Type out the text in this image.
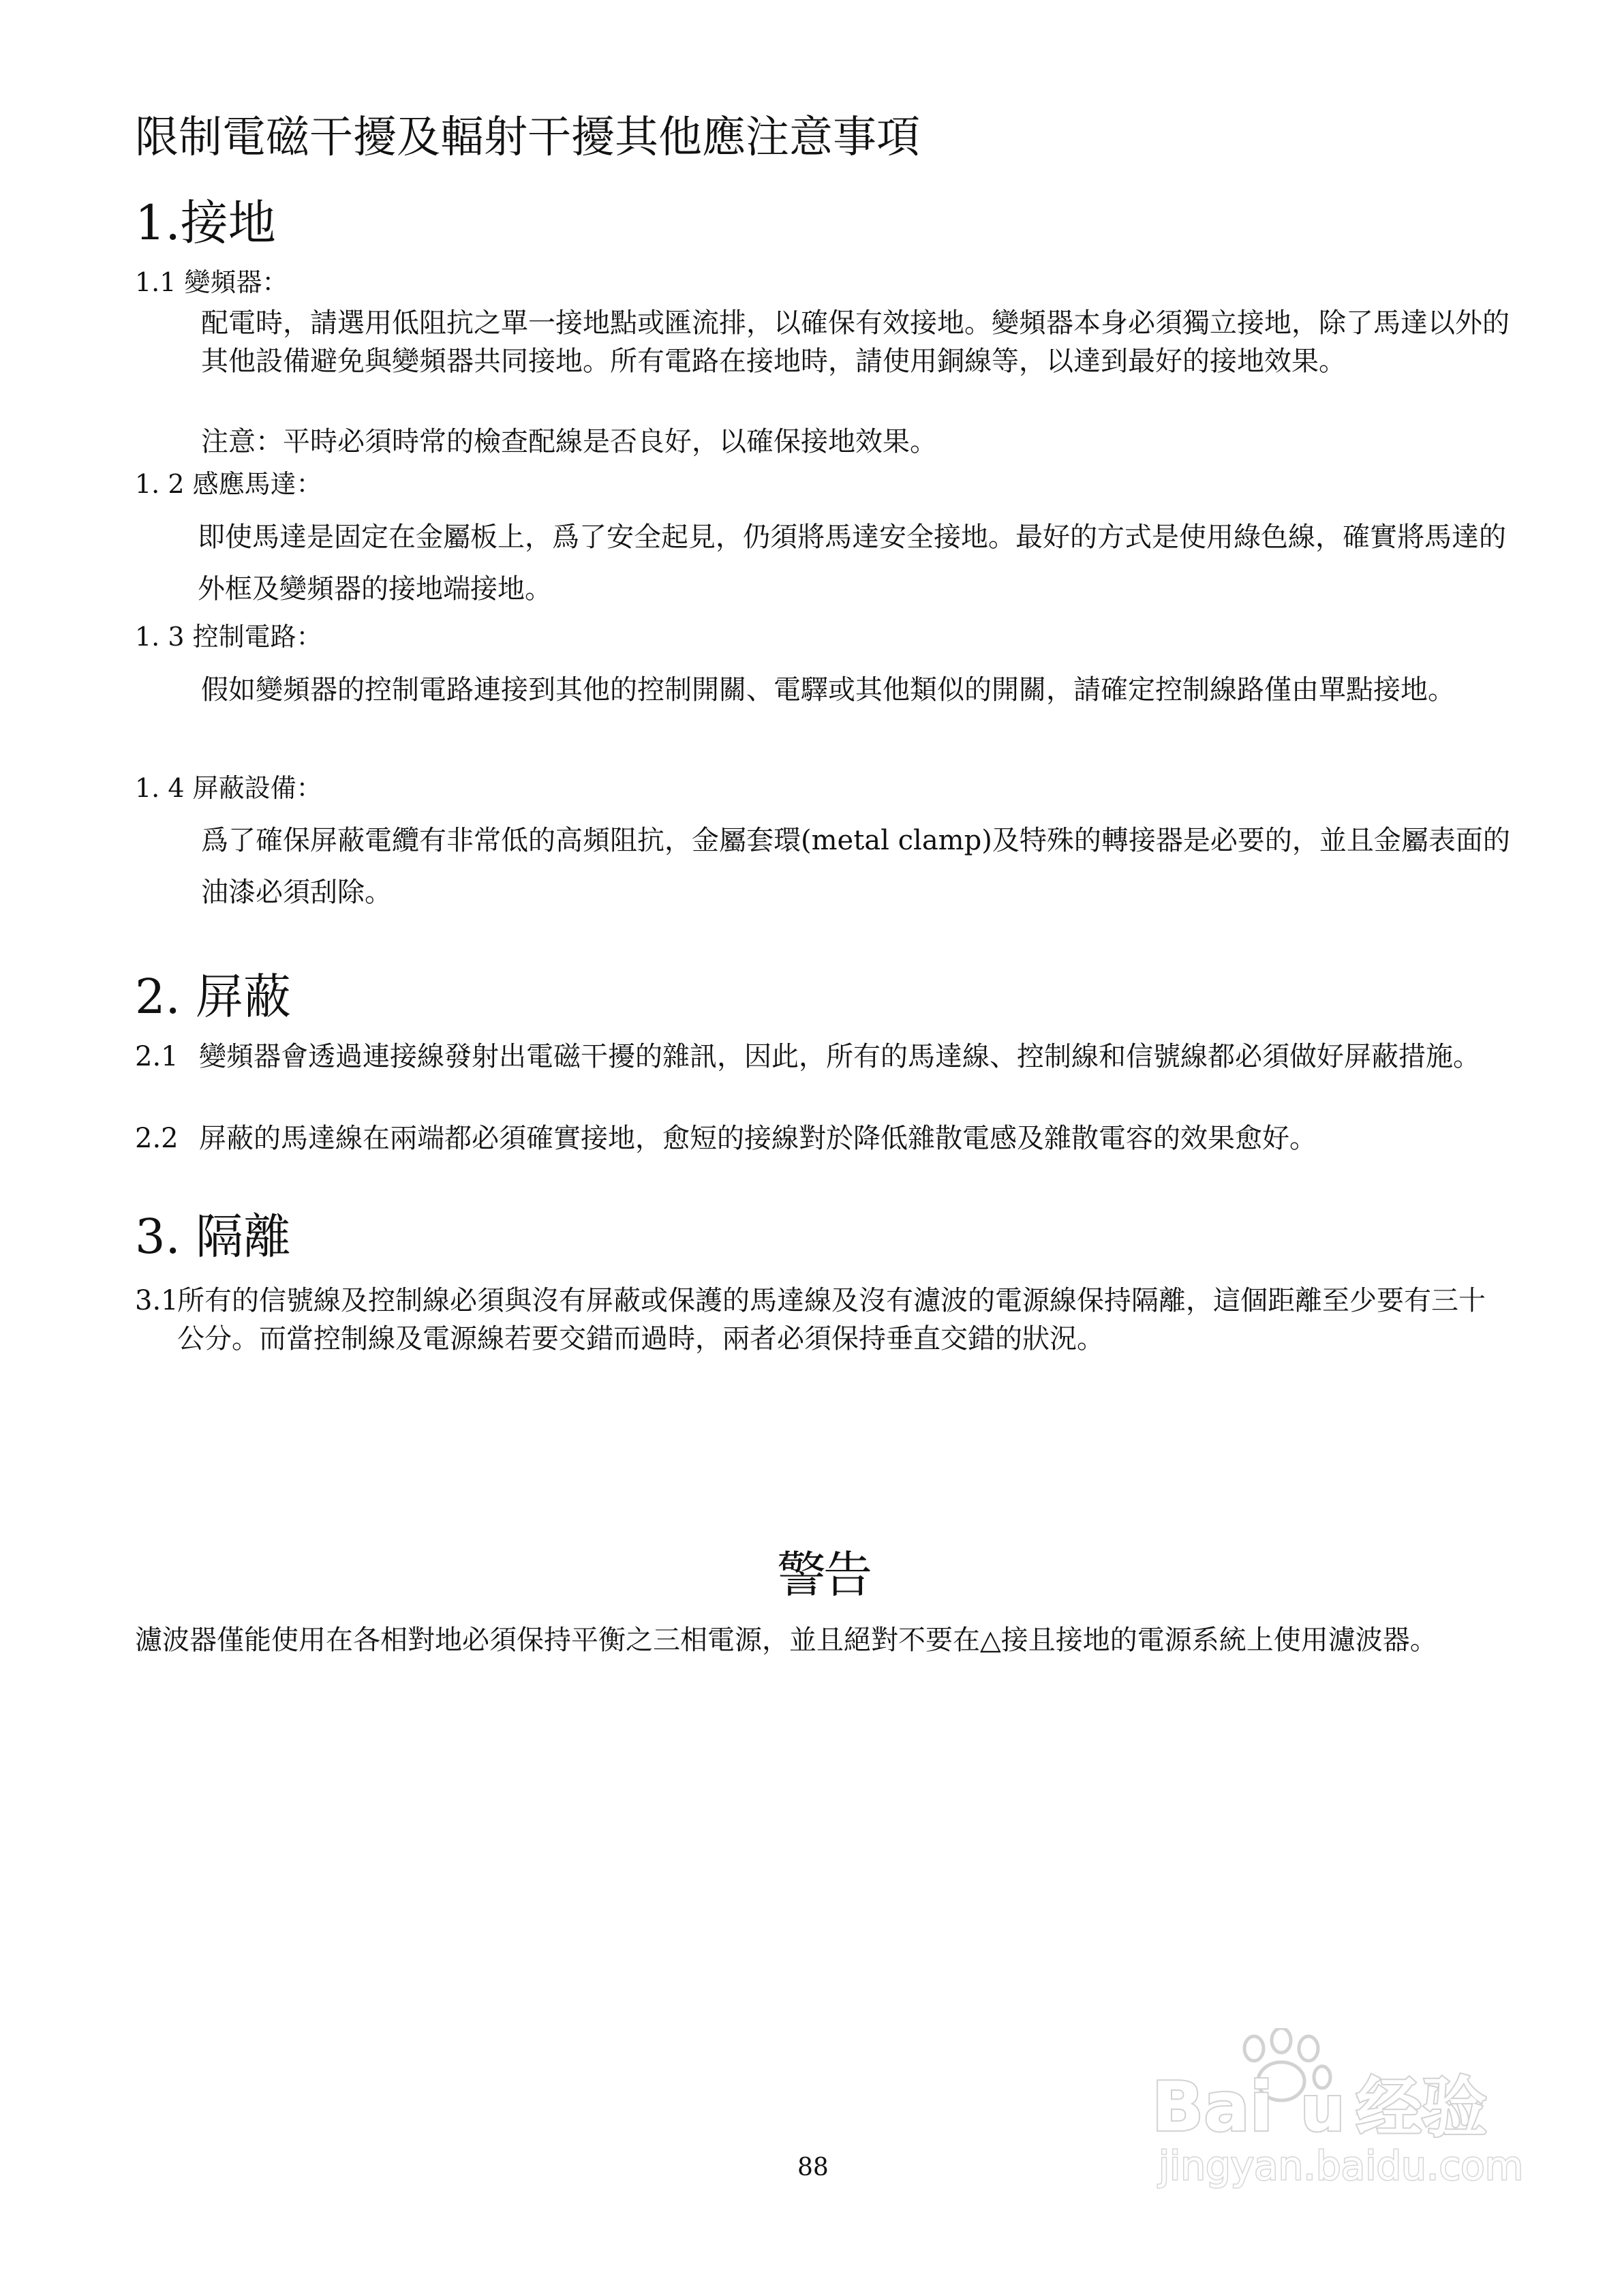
限制電磁干擾及輻射干擾其他應注意事項
1.接地
1.1 變頻器：
配電時，請選用低阻抗之單一接地點或匯流排，以確保有效接地。變頻器本身必須獨立接地，除了馬達以外的其他設備避免與變頻器共同接地。所有電路在接地時，請使用銅線等，以達到最好的接地效果。
注意：平時必須時常的檢查配線是否良好，以確保接地效果。
1. 2 感應馬達：
即使馬達是固定在金屬板上，爲了安全起見，仍須將馬達安全接地。最好的方式是使用綠色線，確實將馬達的外框及變頻器的接地端接地。
1. 3 控制電路：
假如變頻器的控制電路連接到其他的控制開關、電驛或其他類似的開關，請確定控制線路僅由單點接地。
1. 4 屏蔽設備：
爲了確保屏蔽電纜有非常低的高頻阻抗，金屬套環(metal clamp)及特殊的轉接器是必要的，並且金屬表面的油漆必須刮除。
2. 屏蔽
2.1 變頻器會透過連接線發射出電磁干擾的雜訊，因此，所有的馬達線、控制線和信號線都必須做好屏蔽措施。
2.2 屏蔽的馬達線在兩端都必須確實接地，愈短的接線對於降低雜散電感及雜散電容的效果愈好。
3. 隔離
3.1
所有的信號線及控制線必須與沒有屏蔽或保護的馬達線及沒有濾波的電源線保持隔離，這個距離至少要有三十公分。而當控制線及電源線若要交錯而過時，兩者必須保持垂直交錯的狀況。
警告
濾波器僅能使用在各相對地必須保持平衡之三相電源，並且絕對不要在△接且接地的電源系統上使用濾波器。
88
Bai u 经验
jingyan.baidu.com
